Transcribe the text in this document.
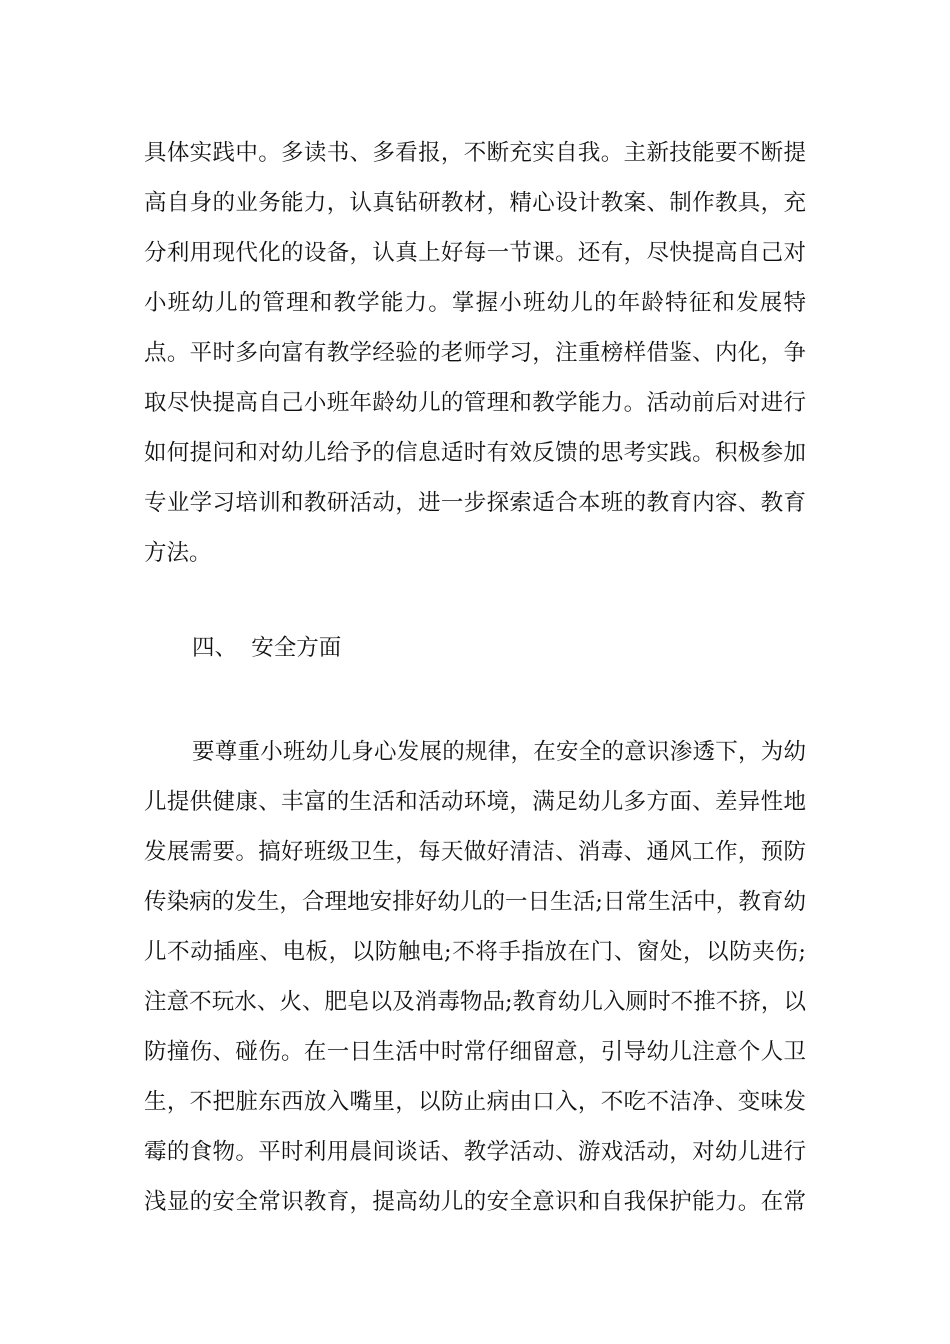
具体实践中。多读书、多看报，不断充实自我。主新技能要不断提
高自身的业务能力，认真钻研教材，精心设计教案、制作教具，充
分利用现代化的设备，认真上好每一节课。还有，尽快提高自己对
小班幼儿的管理和教学能力。掌握小班幼儿的年龄特征和发展特
点。平时多向富有教学经验的老师学习，注重榜样借鉴、内化，争
取尽快提高自己小班年龄幼儿的管理和教学能力。活动前后对进行
如何提问和对幼儿给予的信息适时有效反馈的思考实践。积极参加
专业学习培训和教研活动，进一步探索适合本班的教育内容、教育
方法。
四、  安全方面
要尊重小班幼儿身心发展的规律，在安全的意识渗透下，为幼
儿提供健康、丰富的生活和活动环境，满足幼儿多方面、差异性地
发展需要。搞好班级卫生，每天做好清洁、消毒、通风工作，预防
传染病的发生，合理地安排好幼儿的一日生活;日常生活中，教育幼
儿不动插座、电板，以防触电;不将手指放在门、窗处，以防夹伤;
注意不玩水、火、肥皂以及消毒物品;教育幼儿入厕时不推不挤，以
防撞伤、碰伤。在一日生活中时常仔细留意，引导幼儿注意个人卫
生，不把脏东西放入嘴里，以防止病由口入，不吃不洁净、变味发
霉的食物。平时利用晨间谈话、教学活动、游戏活动，对幼儿进行
浅显的安全常识教育，提高幼儿的安全意识和自我保护能力。在常
